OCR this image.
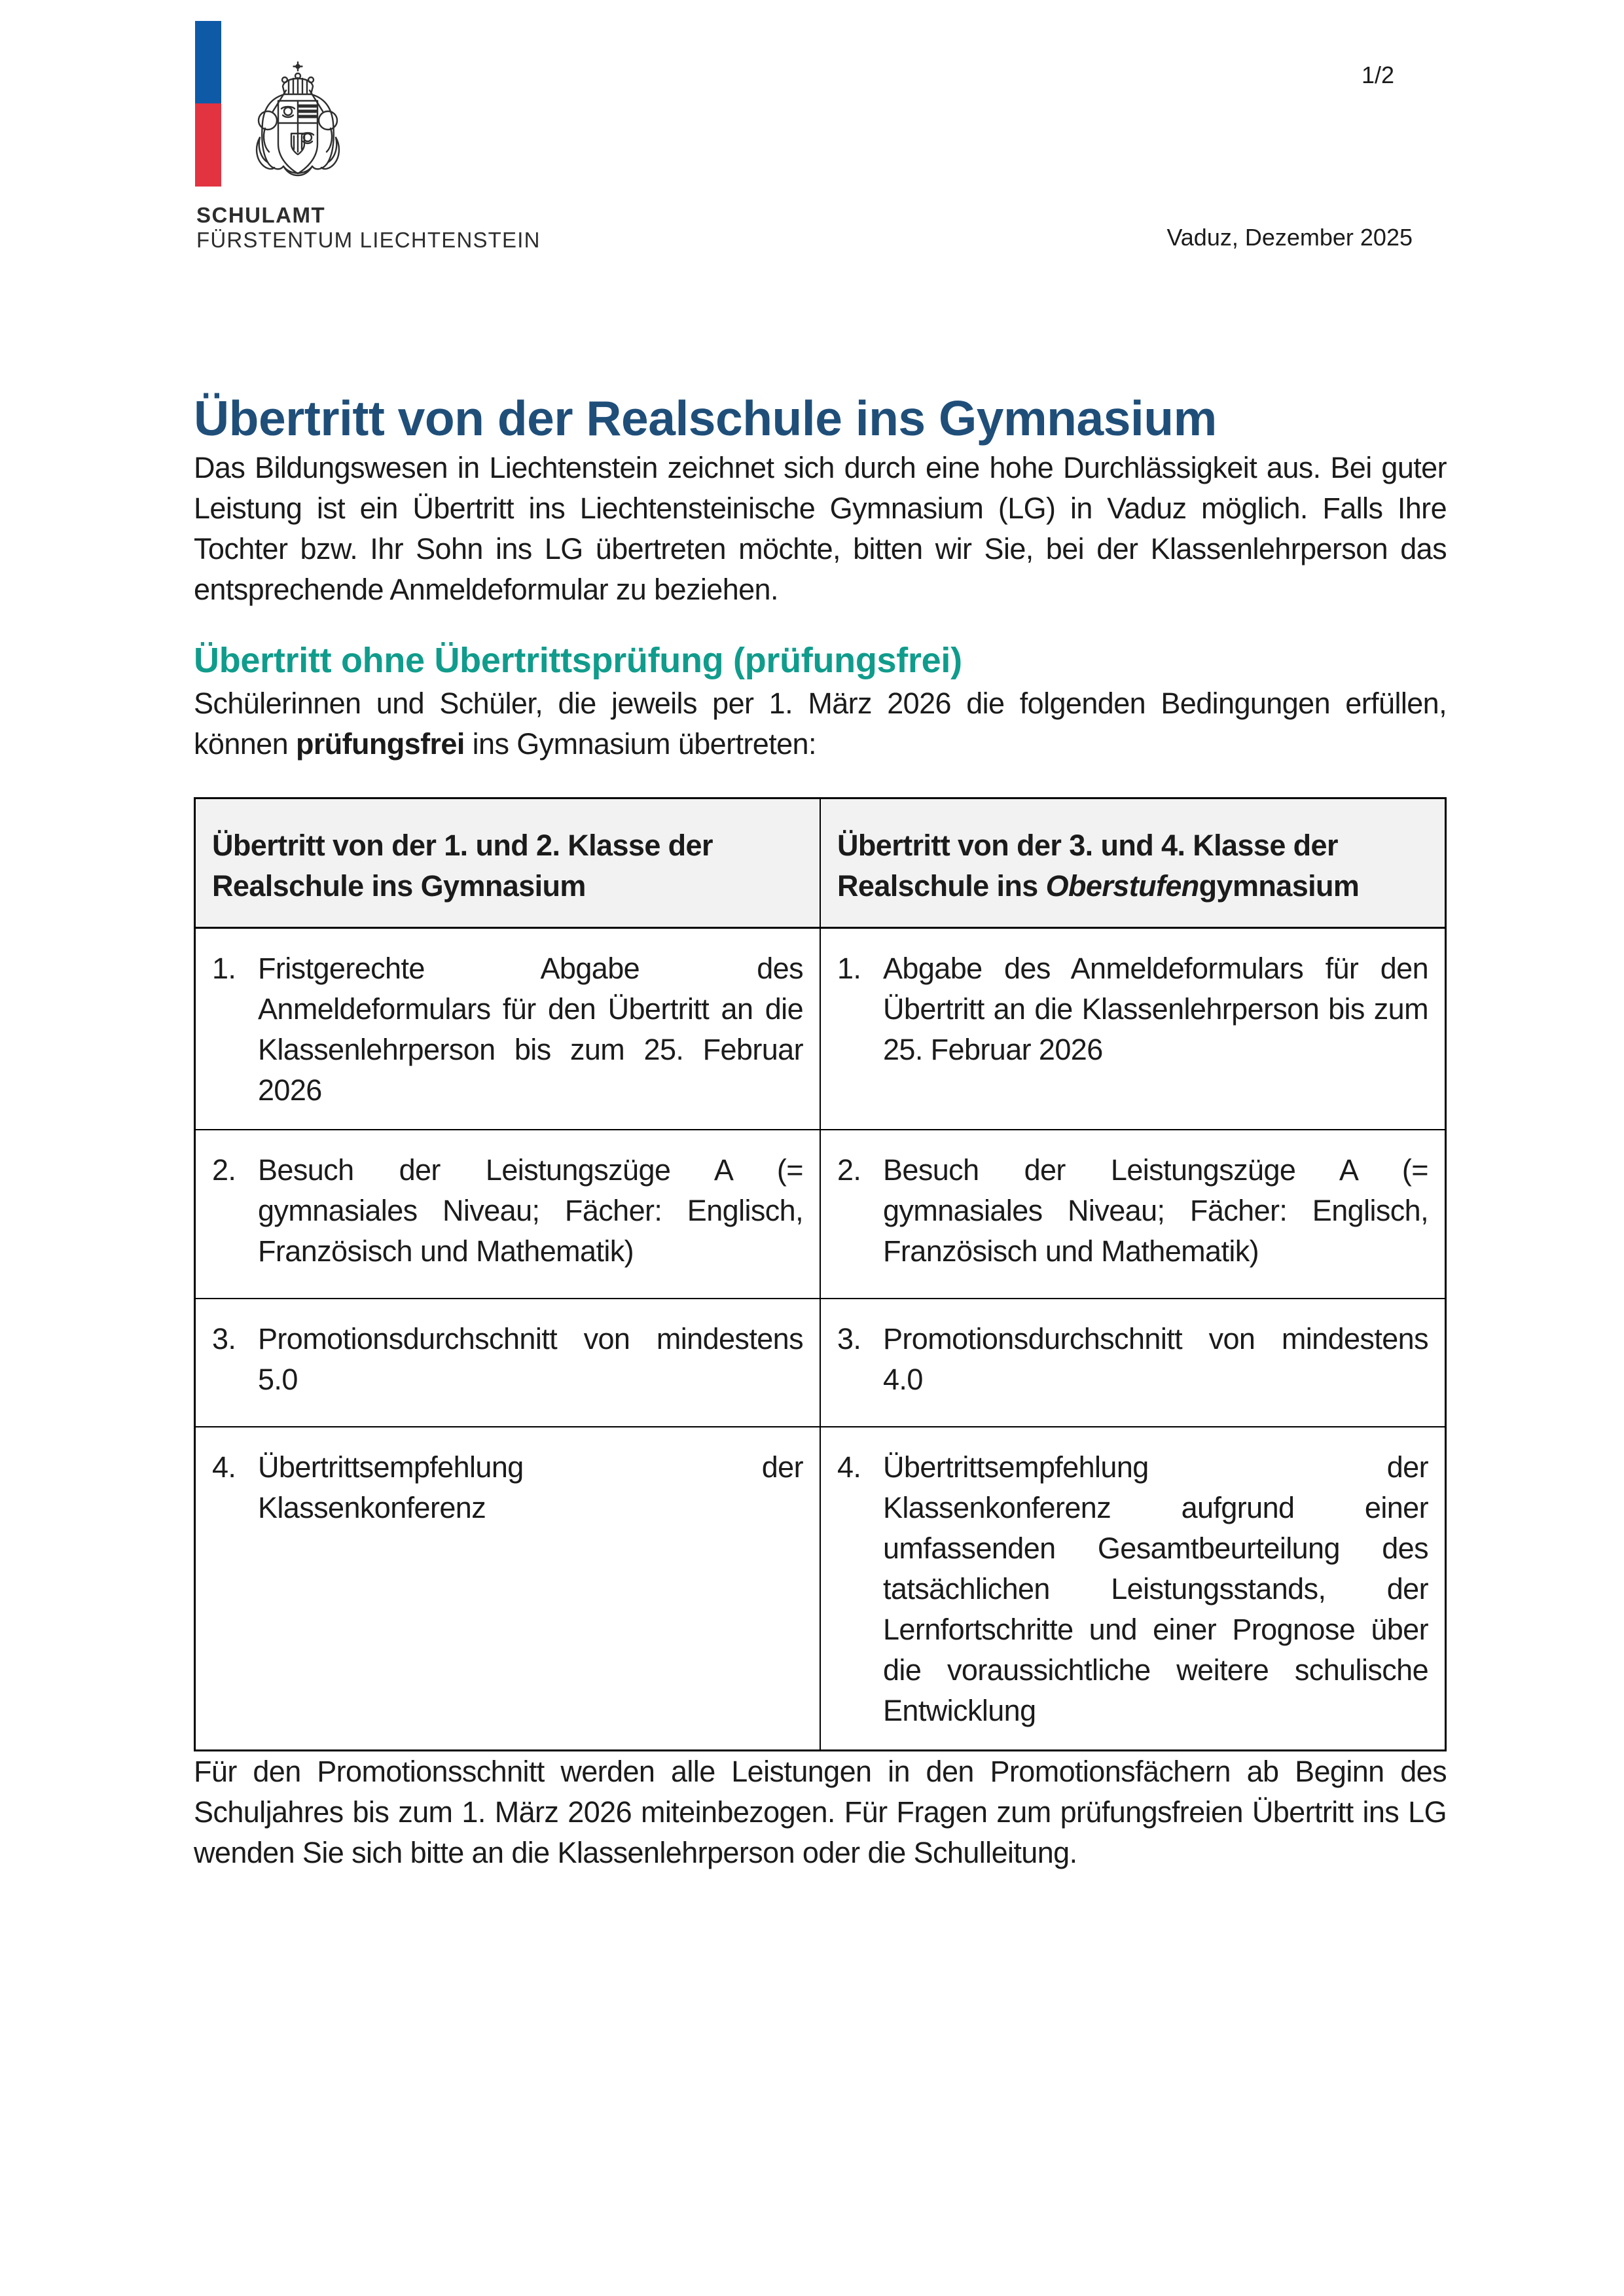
SCHULAMT
FÜRSTENTUM LIECHTENSTEIN
1/2
Vaduz, Dezember 2025
Übertritt von der Realschule ins Gymnasium

Das Bildungswesen in Liechtenstein zeichnet sich durch eine hohe Durchlässigkeit aus. Bei guter Leistung ist ein Übertritt ins Liechtensteinische Gymnasium (LG) in Vaduz möglich. Falls Ihre Tochter bzw. Ihr Sohn ins LG übertreten möchte, bitten wir Sie, bei der Klassenlehrperson das entsprechende Anmeldeformular zu beziehen.

Übertritt ohne Übertrittsprüfung (prüfungsfrei)

Schülerinnen und Schüler, die jeweils per 1. März 2026 die folgenden Bedingungen erfüllen, können prüfungsfrei ins Gymnasium übertreten:

Übertritt von der 1. und 2. Klasse der Realschule ins Gymnasium	Übertritt von der 3. und 4. Klasse der Realschule ins Oberstufengymnasium

1. Fristgerechte Abgabe des Anmeldeformulars für den Übertritt an die Klassenlehrperson bis zum 25. Februar 2026	1. Abgabe des Anmeldeformulars für den Übertritt an die Klassenlehrperson bis zum 25. Februar 2026

2. Besuch der Leistungszüge A (= gymnasiales Niveau; Fächer: Englisch, Französisch und Mathematik)	2. Besuch der Leistungszüge A (= gymnasiales Niveau; Fächer: Englisch, Französisch und Mathematik)

3. Promotionsdurchschnitt von mindestens 5.0	3. Promotionsdurchschnitt von mindestens 4.0

4. Übertrittsempfehlung der Klassenkonferenz	4. Übertrittsempfehlung der Klassenkonferenz aufgrund einer umfassenden Gesamtbeurteilung des tatsächlichen Leistungsstands, der Lernfortschritte und einer Prognose über die voraussichtliche weitere schulische Entwicklung

Für den Promotionsschnitt werden alle Leistungen in den Promotionsfächern ab Beginn des Schuljahres bis zum 1. März 2026 miteinbezogen. Für Fragen zum prüfungsfreien Übertritt ins LG wenden Sie sich bitte an die Klassenlehrperson oder die Schulleitung.
